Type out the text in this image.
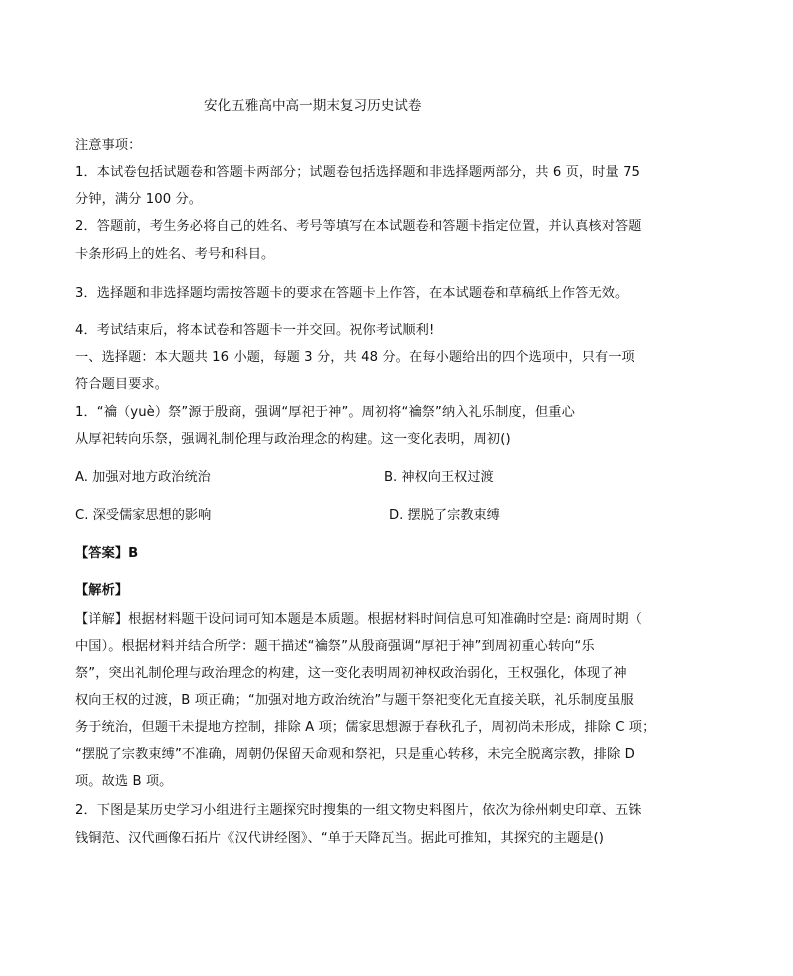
安化五雅高中高一期末复习历史试卷
注意事项：
1．本试卷包括试题卷和答题卡两部分；试题卷包括选择题和非选择题两部分，共 6 页，时量 75
分钟，满分 100 分。
2．答题前，考生务必将自己的姓名、考号等填写在本试题卷和答题卡指定位置，并认真核对答题
卡条形码上的姓名、考号和科目。
3．选择题和非选择题均需按答题卡的要求在答题卡上作答，在本试题卷和草稿纸上作答无效。
4．考试结束后，将本试卷和答题卡一并交回。祝你考试顺利!
一、选择题：本大题共 16 小题，每题 3 分，共 48 分。在每小题给出的四个选项中，只有一项
符合题目要求。
1．“禴（yuè）祭”源于殷商，强调“厚祀于神”。周初将“禴祭”纳入礼乐制度，但重心
从厚祀转向乐祭，强调礼制伦理与政治理念的构建。这一变化表明，周初()
A. 加强对地方政治统治	B. 神权向王权过渡
C. 深受儒家思想的影响	D. 摆脱了宗教束缚
【答案】B
【解析】
【详解】根据材料题干设问词可知本题是本质题。根据材料时间信息可知准确时空是: 商周时期（
中国）。根据材料并结合所学：题干描述“禴祭”从殷商强调“厚祀于神”到周初重心转向“乐
祭”，突出礼制伦理与政治理念的构建，这一变化表明周初神权政治弱化，王权强化，体现了神
权向王权的过渡，B 项正确；“加强对地方政治统治”与题干祭祀变化无直接关联，礼乐制度虽服
务于统治，但题干未提地方控制，排除 A 项；儒家思想源于春秋孔子，周初尚未形成，排除 C 项；
“摆脱了宗教束缚”不准确，周朝仍保留天命观和祭祀，只是重心转移，未完全脱离宗教，排除 D
项。故选 B 项。
2．下图是某历史学习小组进行主题探究时搜集的一组文物史料图片，依次为徐州刺史印章、五铢
钱铜范、汉代画像石拓片《汉代讲经图》、“单于天降瓦当。据此可推知，其探究的主题是()
